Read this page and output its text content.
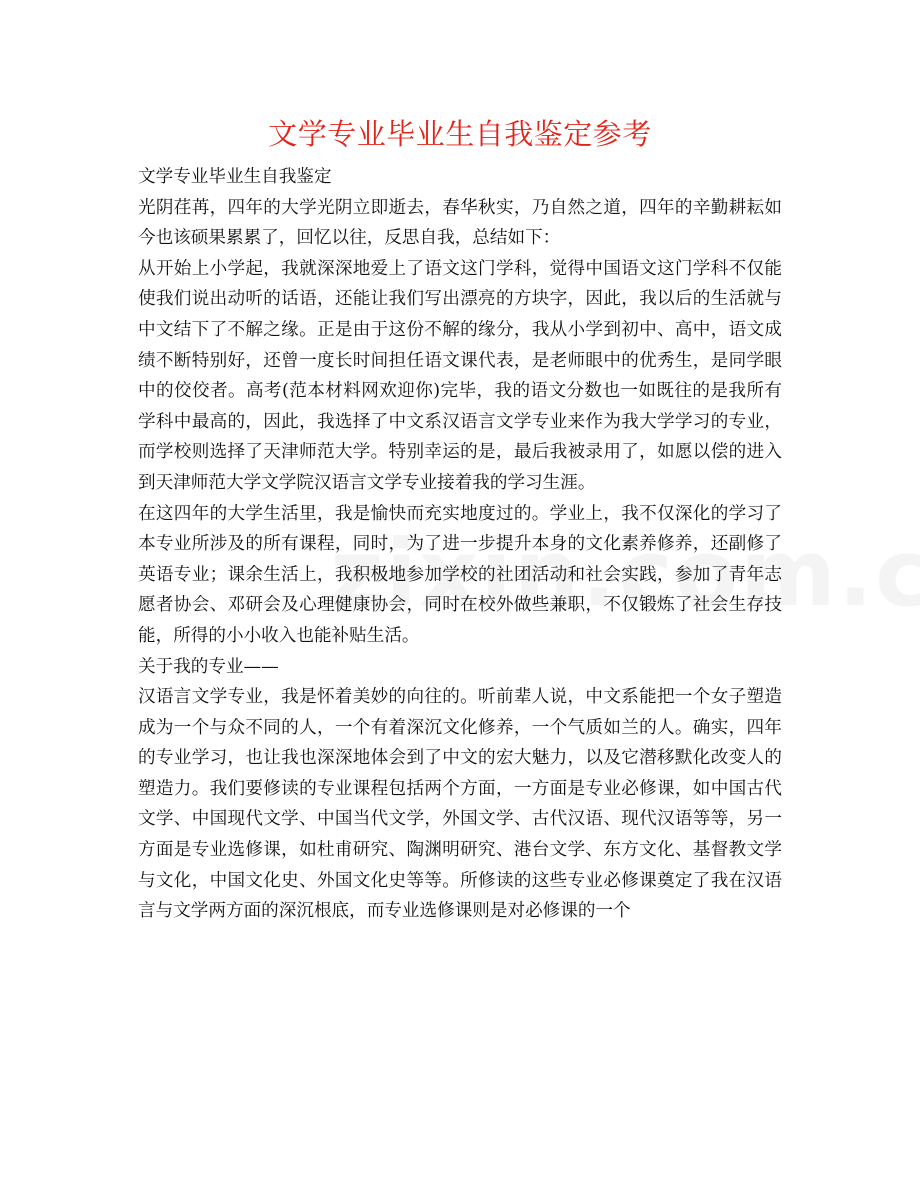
文学专业毕业生自我鉴定参考

文学专业毕业生自我鉴定

光阴荏苒，四年的大学光阴立即逝去，春华秋实，乃自然之道，四年的辛勤耕耘如今也该硕果累累了，回忆以往，反思自我，总结如下：

从开始上小学起，我就深深地爱上了语文这门学科，觉得中国语文这门学科不仅能使我们说出动听的话语，还能让我们写出漂亮的方块字，因此，我以后的生活就与中文结下了不解之缘。正是由于这份不解的缘分，我从小学到初中、高中，语文成绩不断特别好，还曾一度长时间担任语文课代表，是老师眼中的优秀生，是同学眼中的佼佼者。高考(范本材料网欢迎你)完毕，我的语文分数也一如既往的是我所有学科中最高的，因此，我选择了中文系汉语言文学专业来作为我大学学习的专业，而学校则选择了天津师范大学。特别幸运的是，最后我被录用了，如愿以偿的进入到天津师范大学文学院汉语言文学专业接着我的学习生涯。

在这四年的大学生活里，我是愉快而充实地度过的。学业上，我不仅深化的学习了本专业所涉及的所有课程，同时，为了进一步提升本身的文化素养修养，还副修了英语专业；课余生活上，我积极地参加学校的社团活动和社会实践，参加了青年志愿者协会、邓研会及心理健康协会，同时在校外做些兼职，不仅锻炼了社会生存技能，所得的小小收入也能补贴生活。

关于我的专业——

汉语言文学专业，我是怀着美妙的向往的。听前辈人说，中文系能把一个女子塑造成为一个与众不同的人，一个有着深沉文化修养，一个气质如兰的人。确实，四年的专业学习，也让我也深深地体会到了中文的宏大魅力，以及它潜移默化改变人的塑造力。我们要修读的专业课程包括两个方面，一方面是专业必修课，如中国古代文学、中国现代文学、中国当代文学，外国文学、古代汉语、现代汉语等等，另一方面是专业选修课，如杜甫研究、陶渊明研究、港台文学、东方文化、基督教文学与文化，中国文化史、外国文化史等等。所修读的这些专业必修课奠定了我在汉语言与文学两方面的深沉根底，而专业选修课则是对必修课的一个
